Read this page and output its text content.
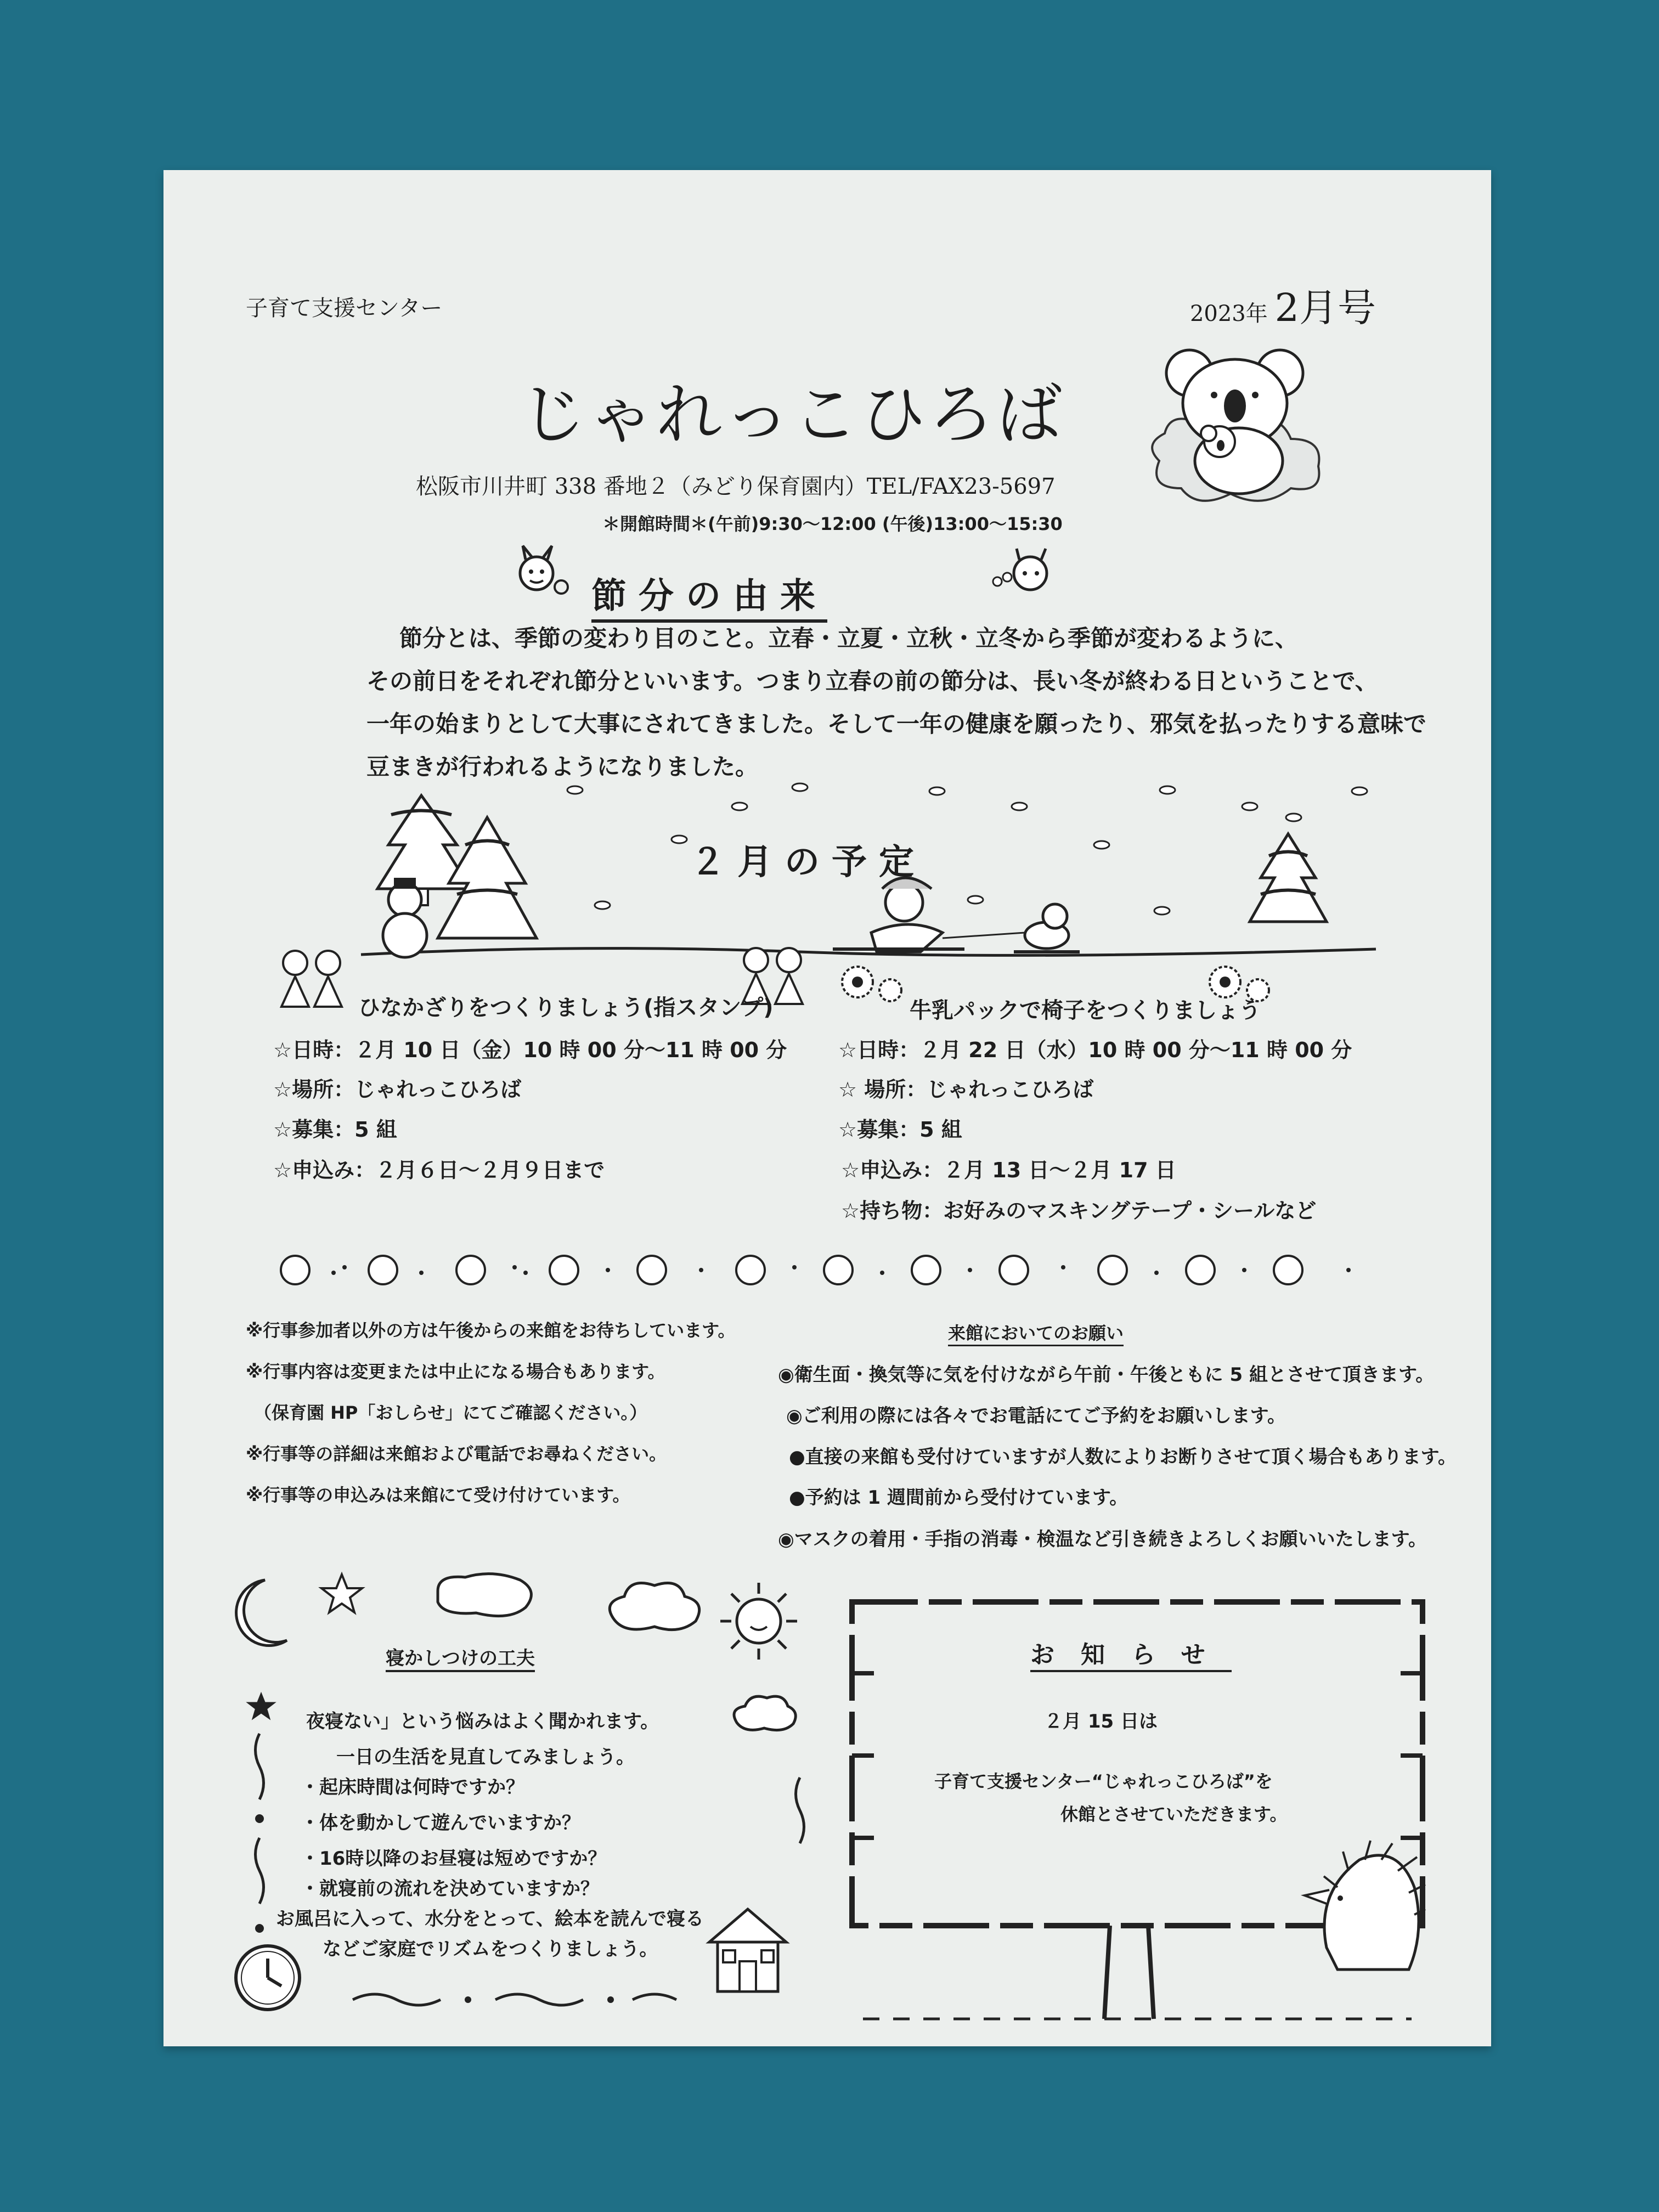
子育て支援センター	2023年 2月号
じゃれっこひろば
松阪市川井町 338 番地２（みどり保育園内）TEL/FAX23-5697
＊開館時間＊(午前)9:30～12:00 (午後)13:00～15:30
節分の由来

節分とは、季節の変わり目のこと。立春・立夏・立秋・立冬から季節が変わるように、

その前日をそれぞれ節分といいます。つまり立春の前の節分は、長い冬が終わる日ということで、

一年の始まりとして大事にされてきました。そして一年の健康を願ったり、邪気を払ったりする意味で

豆まきが行われるようになりました。

２月の予定
ひなかざりをつくりましょう(指スタンプ)
☆日時：２月 10 日（金）10 時 00 分～11 時 00 分
☆場所：じゃれっこひろば
☆募集：5 組
☆申込み：２月６日～２月９日まで
牛乳パックで椅子をつくりましょう
☆日時：２月 22 日（水）10 時 00 分～11 時 00 分
☆ 場所：じゃれっこひろば
☆募集：5 組
☆申込み：２月 13 日～２月 17 日
☆持ち物：お好みのマスキングテープ・シールなど
※行事参加者以外の方は午後からの来館をお待ちしています。
※行事内容は変更または中止になる場合もあります。
（保育園 HP「おしらせ」にてご確認ください。）
※行事等の詳細は来館および電話でお尋ねください。
※行事等の申込みは来館にて受け付けています。
来館においてのお願い
◉衛生面・換気等に気を付けながら午前・午後ともに 5 組とさせて頂きます。
◉ご利用の際には各々でお電話にてご予約をお願いします。
●直接の来館も受付けていますが人数によりお断りさせて頂く場合もあります。
●予約は 1 週間前から受付けています。
◉マスクの着用・手指の消毒・検温など引き続きよろしくお願いいたします。
寝かしつけの工夫
夜寝ない」という悩みはよく聞かれます。
一日の生活を見直してみましょう。
・起床時間は何時ですか？
・体を動かして遊んでいますか？
・16時以降のお昼寝は短めですか？
・就寝前の流れを決めていますか？
お風呂に入って、水分をとって、絵本を読んで寝る
などご家庭でリズムをつくりましょう。
お知らせ
２月 15 日は
子育て支援センター“じゃれっこひろば”を
休館とさせていただきます。
